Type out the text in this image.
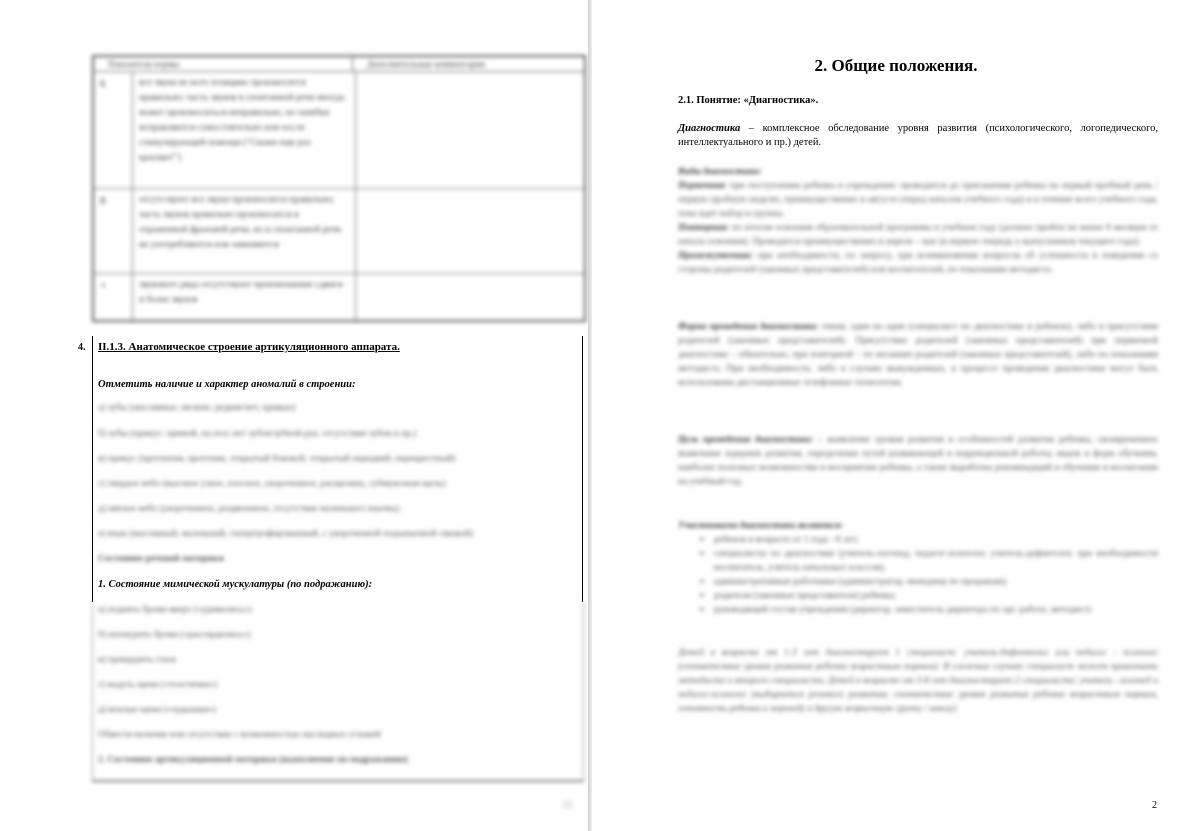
Показатели нормы	Дополнительные комментарии
6	все звуки во всех позициях произносятся правильно; часть звуков в спонтанной речи иногда может произноситься неправильно, но ошибки исправляются самостоятельно или после стимулирующей помощи ("Скажи еще раз красиво!")
8	отсутствуют все звуки произносятся правильно; часть звуков правильно произносится в отраженной фразовой речи, но в спонтанной речи не употребляются или заменяются
+	звукового ряда отсутствуют произношение сдвиги и более звуков
4. II.1.3. Анатомическое строение артикуляционного аппарата.
Отметить наличие и характер аномалий в строении:
а) зубы (массивные, мелкие, редкие/нет, кривые)
б) зубы (прикус: прямой, на пол; нет зубов/зубной рук, отсутствие зубов и пр.)
в) прикус (прогнатия, прогения, открытый боковой, открытый передний, перекрестный)
г) твердое небо (высокое узкое, плоское, укороченное, расщелина, субмукозная щель)
д) мягкое небо (укороченное, раздвоенное, отсутствие маленького язычка)
е) язык (массивный, маленький, гипертрофированный, с укороченной подъязычной связкой)
Состояние речевой моторики
1. Состояние мимической мускулатуры (по подражанию):
а) поднять брови вверх («удивились»)
б) нахмурить брови («рассердились»)
в) прищурить глаза
г) надуть щеки («толстячки»)
д) впалые щеки («худышки»)
Обвести наличие или отсутствие с возможностью наследных сглажей
2. Состояние артикуляционной моторики (выполнение по подражанию)
13
2. Общие положения.
2.1. Понятие: «Диагностика».
Диагностика – комплексное обследование уровня развития (психологического, логопедического, интеллектуального и пр.) детей.
Виды диагностики:
Первичная: при поступлении ребенка в учреждение; проводится до пригашения ребенка на первый пробный день / первую пробную неделю, преимущественно в августе (перед началом учебного года) и в течение всего учебного года, пока идет набор в группы.
Повторная: по итогам освоения образовательной программы в учебном году (должно пройти не менее 6 месяцев от начала освоения). Проводится преимущественно в апреле – мае (в первую очередь у выпускников текущего года).
Промежуточная: при необходимости, по запросу, при возникновении вопросов об успешности в поведении со стороны родителей (законных представителей) или воспитателей, по показаниям методиста.
Форма проведения диагностики: очная, один на один (специалист по диагностике и ребенок), либо в присутствии родителей (законных представителей). Присутствие родителей (законных представителей) при первичной диагностике – обязательно, при повторной – по желанию родителей (законных представителей), либо по показаниям методиста. При необходимости, либо в случаях вынужденных, в процессе проведения диагностики могут быть использованы дистанционные телефонные технологии.
Цель проведения диагностики: – выявление уровня развития и особенностей развития ребенка, своевременное выявление задержек развития, определение путей развивающей и коррекционной работы; видов и форм обучения, наиболее полезных возможностям и восприятию ребенка, а также выработка рекомендаций в обучении и воспитании на учебный год.
Участниками диагностики являются:
➢ ребенок в возрасте от 1 года - 8 лет;
➢ специалисты по диагностике (учитель-логопед, педагог-психолог, учитель-дефектолог, при необходимости воспитатель, учитель начальных классов);
➢ административные работники (администратор, менеджер по продажам);
➢ родители (законные представители) ребенка;
➢ руководящий состав учреждения (директор, заместитель директора по орг. работе, методист)
Детей в возрасте от 1-3 лет диагностирует 1 специалист: учитель-дефектолог или педагог - психолог (соответствие уровня развития ребенка возрастным нормам). В сложных случаях специалист может привлекать методиста и второго специалиста. Детей в возрасте от 3-8 лет диагностирует 2 специалиста: учитель –логопед и педагог-психолог (выбирается речевого развития, соответствие уровня развития ребенка возрастным нормам, готовность ребенка к переходу в другую возрастную группу / школу)
2
